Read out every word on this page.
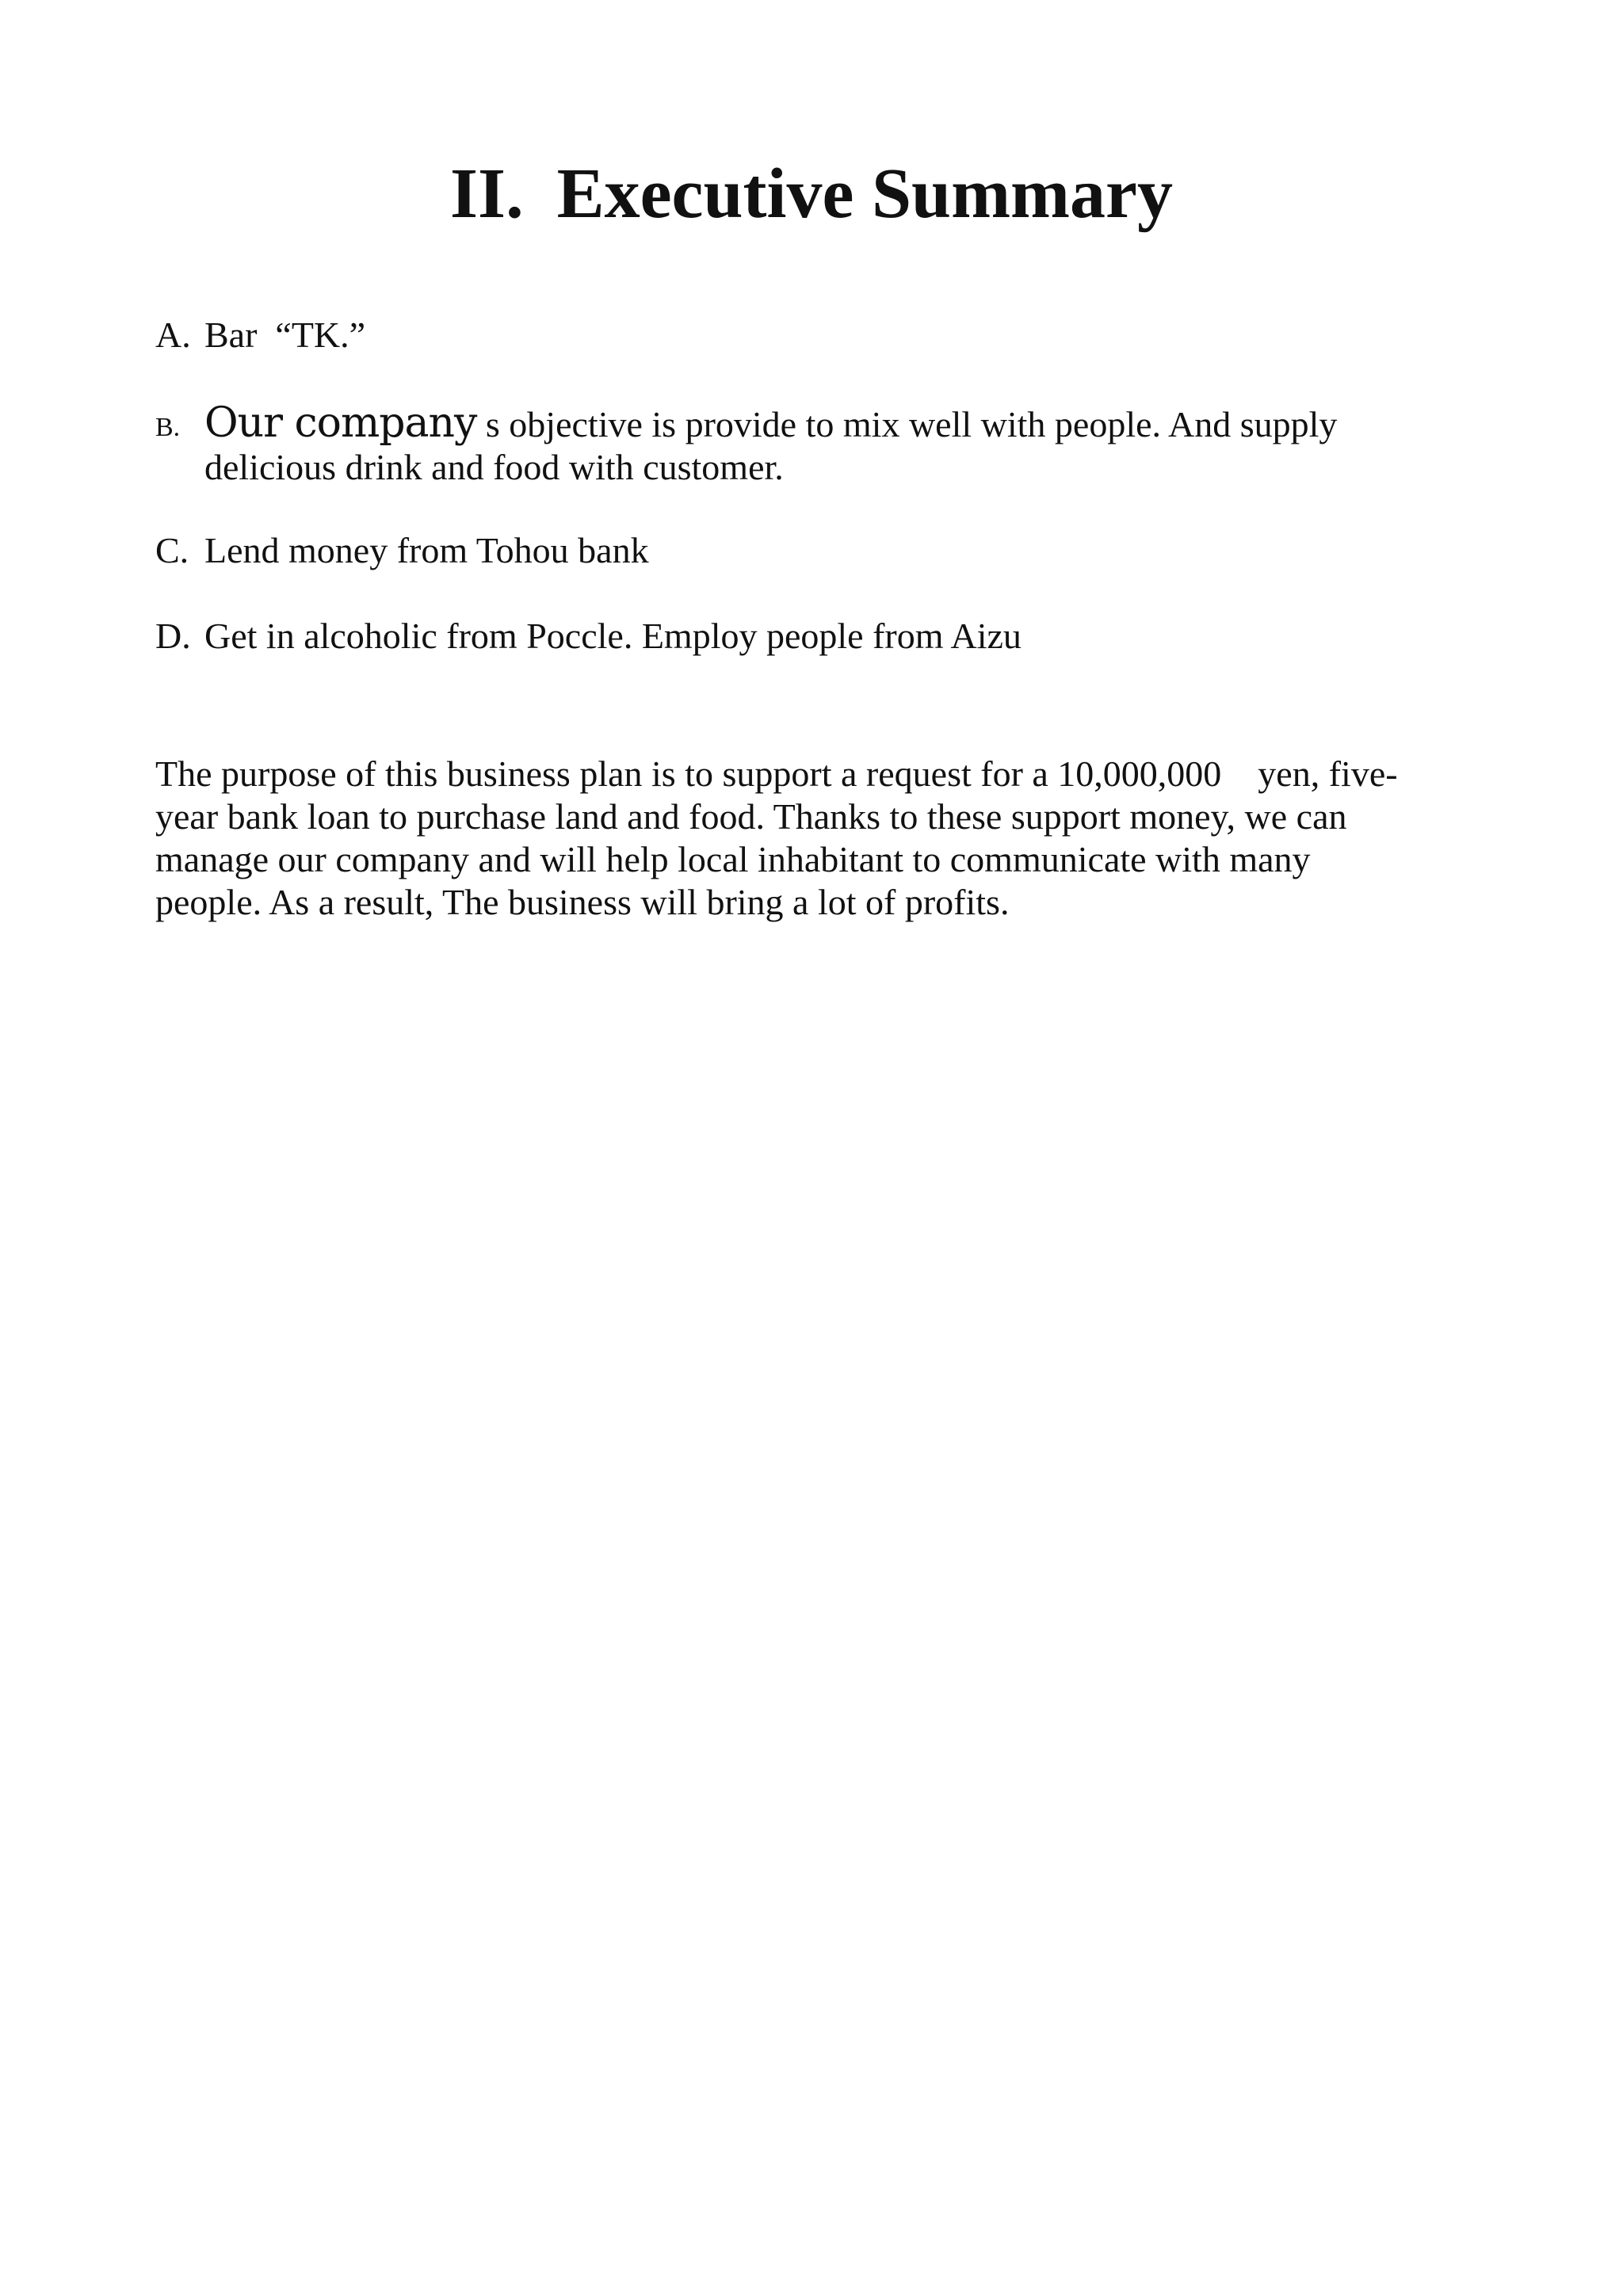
II. Executive Summary
A. Bar  “TK.”
B. Our company s objective is provide to mix well with people. And supply
delicious drink and food with customer.
C. Lend money from Tohou bank
D. Get in alcoholic from Poccle. Employ people from Aizu

The purpose of this business plan is to support a request for a 10,000,000    yen, five-
year bank loan to purchase land and food. Thanks to these support money, we can
manage our company and will help local inhabitant to communicate with many
people. As a result, The business will bring a lot of profits.
